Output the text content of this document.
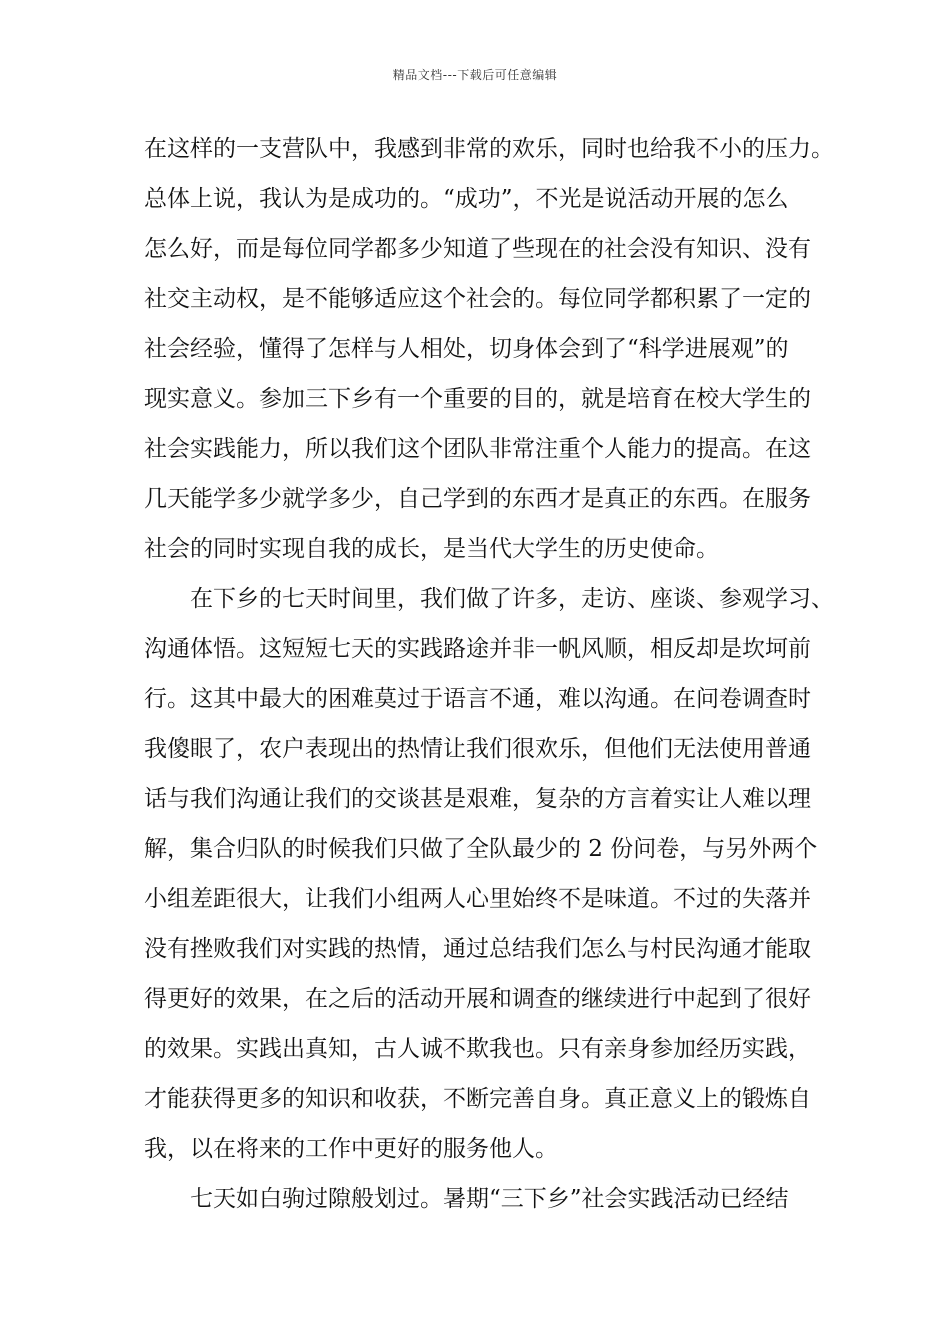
精品文档---下载后可任意编辑
在这样的一支营队中，我感到非常的欢乐，同时也给我不小的压力。
总体上说，我认为是成功的。“成功”，不光是说活动开展的怎么
怎么好，而是每位同学都多少知道了些现在的社会没有知识、没有
社交主动权，是不能够适应这个社会的。每位同学都积累了一定的
社会经验，懂得了怎样与人相处，切身体会到了“科学进展观”的
现实意义。参加三下乡有一个重要的目的，就是培育在校大学生的
社会实践能力，所以我们这个团队非常注重个人能力的提高。在这
几天能学多少就学多少，自己学到的东西才是真正的东西。在服务
社会的同时实现自我的成长，是当代大学生的历史使命。
在下乡的七天时间里，我们做了许多，走访、座谈、参观学习、
沟通体悟。这短短七天的实践路途并非一帆风顺，相反却是坎坷前
行。这其中最大的困难莫过于语言不通，难以沟通。在问卷调查时
我傻眼了，农户表现出的热情让我们很欢乐，但他们无法使用普通
话与我们沟通让我们的交谈甚是艰难，复杂的方言着实让人难以理
解，集合归队的时候我们只做了全队最少的 2 份问卷，与另外两个
小组差距很大，让我们小组两人心里始终不是味道。不过的失落并
没有挫败我们对实践的热情，通过总结我们怎么与村民沟通才能取
得更好的效果，在之后的活动开展和调查的继续进行中起到了很好
的效果。实践出真知，古人诚不欺我也。只有亲身参加经历实践，
才能获得更多的知识和收获，不断完善自身。真正意义上的锻炼自
我，以在将来的工作中更好的服务他人。
七天如白驹过隙般划过。暑期“三下乡”社会实践活动已经结
